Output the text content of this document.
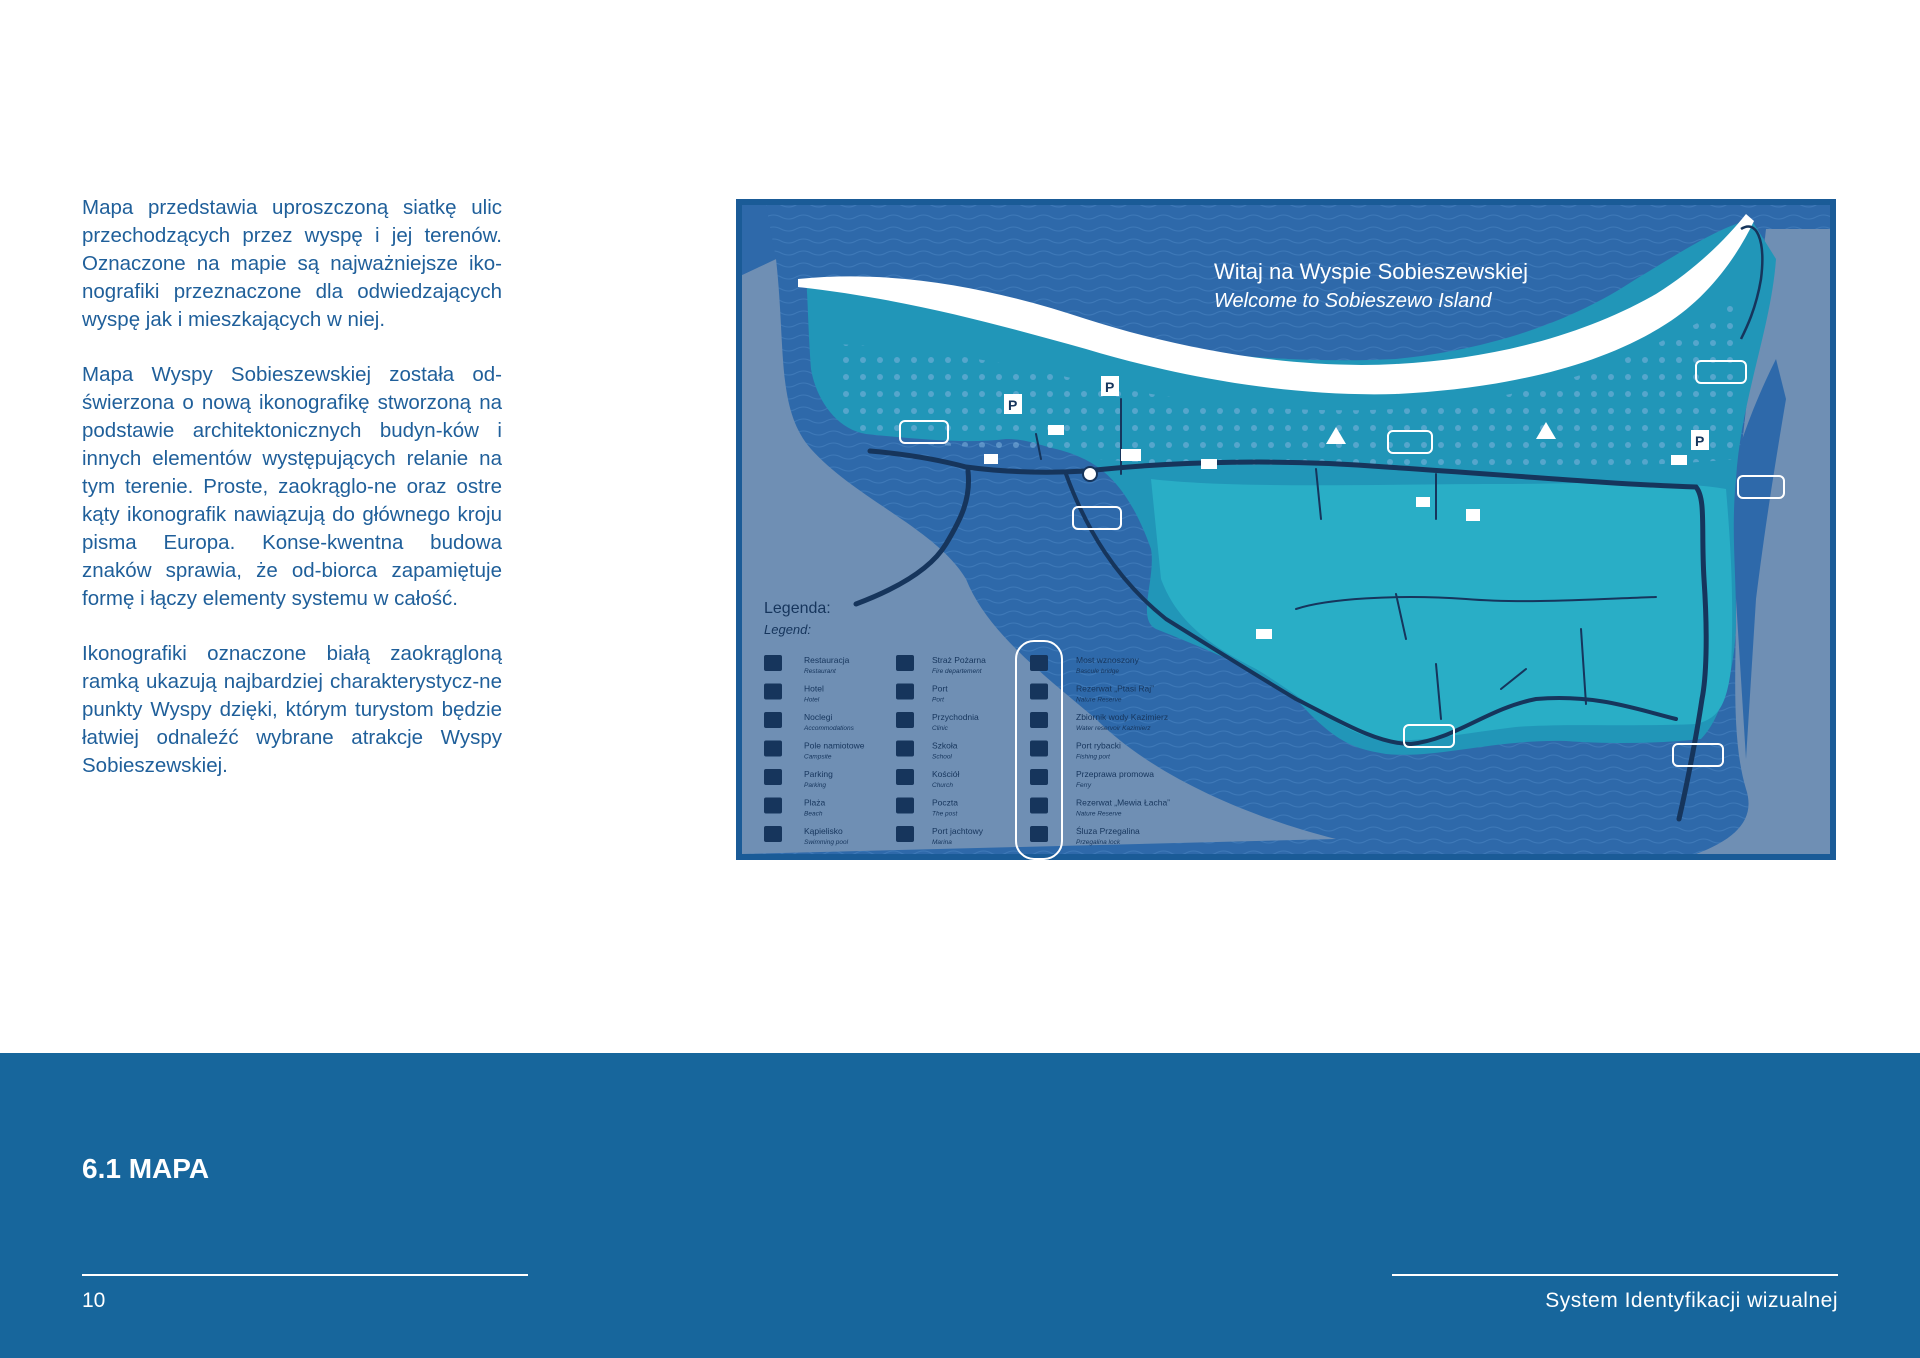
Mapa przedstawia uproszczoną siatkę ulic przechodzących przez wyspę i jej terenów. Oznaczone na mapie są najważniejsze iko-nografiki przeznaczone dla odwiedzających wyspę jak i mieszkających w niej.

Mapa Wyspy Sobieszewskiej została od-świerzona o nową ikonografikę stworzoną na podstawie architektonicznych budyn-ków i innych elementów występujących relanie na tym terenie. Proste, zaokrąglo-ne oraz ostre kąty ikonografik nawiązują do głównego kroju pisma Europa. Konse-kwentna budowa znaków sprawia, że od-biorca zapamiętuje formę i łączy elementy systemu w całość.

Ikonografiki oznaczone białą zaokrągloną ramką ukazują najbardziej charakterystycz-ne punkty Wyspy dzięki, którym turystom będzie łatwiej odnaleźć wybrane atrakcje Wyspy Sobieszewskiej.

Witaj na Wyspie Sobieszewskiej
Welcome to Sobieszewo Island
P
P
P
Legenda:
Legend:
Restauracja
Restaurant
Hotel
Hotel
Noclegi
Accommodations
Pole namiotowe
Campsite
Parking
Parking
Plaża
Beach
Kąpielisko
Swimming pool
Straż Pożarna
Fire departement
Port
Port
Przychodnia
Clinic
Szkoła
School
Kościół
Church
Poczta
The post
Port jachtowy
Marina
Most wznoszony
Bascule bridge
Rezerwat „Ptasi Raj”
Nature Reserve
Zbiornik wody Kazimierz
Water reservoir Kazimierz
Port rybacki
Fishing port
Przeprawa promowa
Ferry
Rezerwat „Mewia Łacha”
Nature Reserve
Śluza Przegalina
Przegalina lock
6.1 MAPA
10	System Identyfikacji wizualnej
